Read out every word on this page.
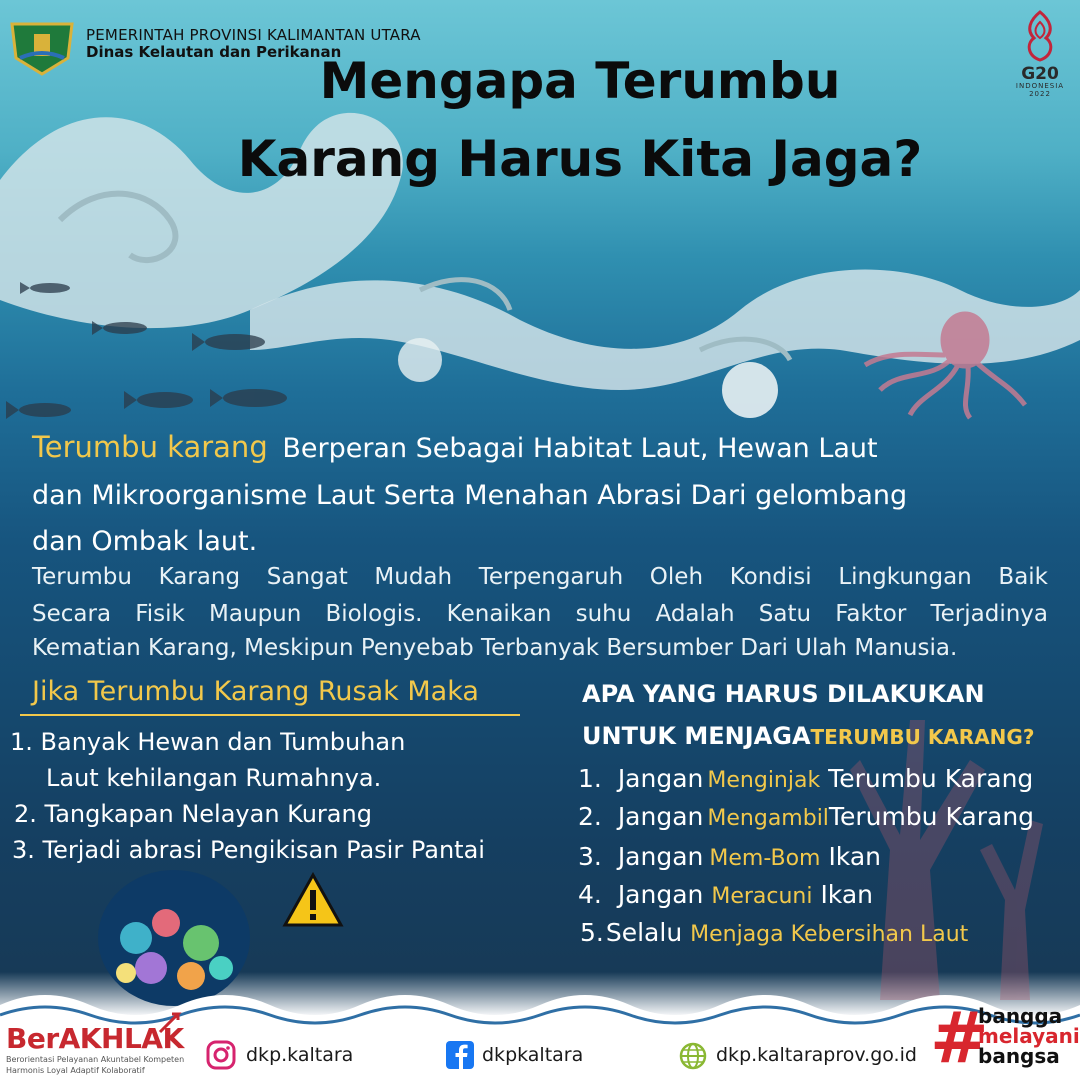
PEMERINTAH PROVINSI KALIMANTAN UTARA
Dinas Kelautan dan Perikanan
G20
INDONESIA
2022
Mengapa Terumbu
Karang Harus Kita Jaga?
Terumbu karang Berperan Sebagai Habitat Laut, Hewan Laut
dan Mikroorganisme Laut Serta Menahan Abrasi Dari gelombang
dan Ombak laut.
Terumbu Karang Sangat Mudah Terpengaruh Oleh Kondisi Lingkungan Baik
Secara Fisik Maupun Biologis. Kenaikan suhu Adalah Satu Faktor Terjadinya
Kematian Karang, Meskipun Penyebab Terbanyak Bersumber Dari Ulah Manusia.
Jika Terumbu Karang Rusak Maka
1. Banyak Hewan dan Tumbuhan
Laut kehilangan Rumahnya.
2. Tangkapan Nelayan Kurang
3. Terjadi abrasi Pengikisan Pasir Pantai
APA YANG HARUS DILAKUKAN
UNTUK MENJAGATERUMBU KARANG?
1. Jangan Menginjak Terumbu Karang
2. Jangan MengambilTerumbu Karang
3. Jangan Mem-Bom Ikan
4. Jangan Meracuni Ikan
5.Selalu Menjaga Kebersihan Laut
BerAKHLAK
Berorientasi Pelayanan Akuntabel Kompeten
Harmonis Loyal Adaptif Kolaboratif
dkp.kaltara	dkpkaltara	dkp.kaltaraprov.go.id #
bangga
melayani
bangsa
